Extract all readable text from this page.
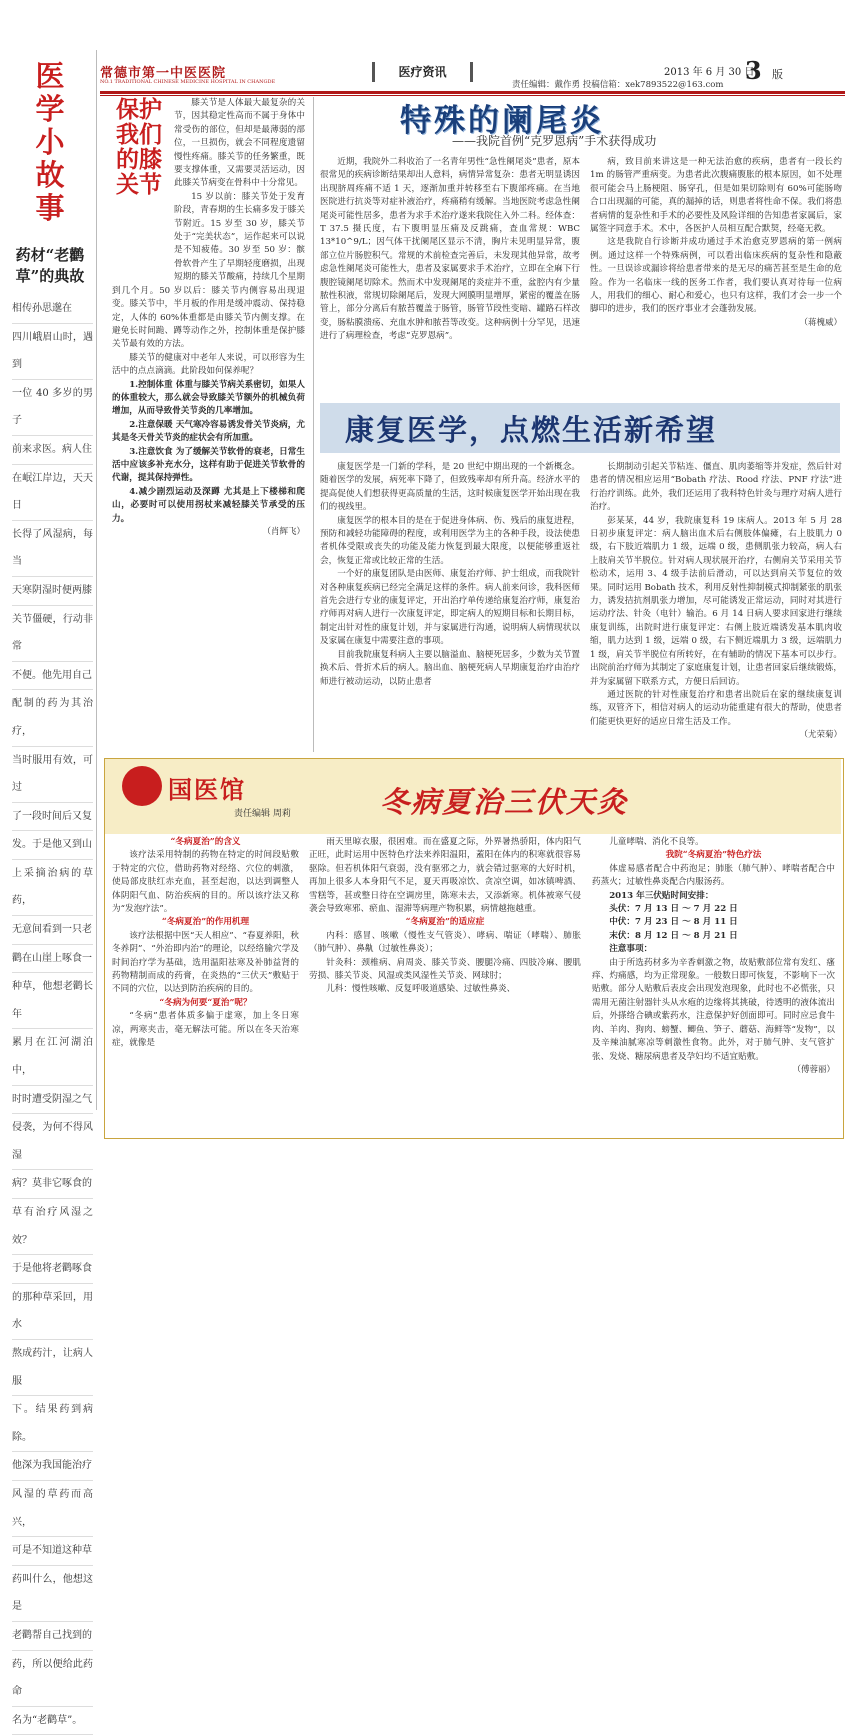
医学小故事
药材“老鹳草”的典故
相传孙思邈在
四川峨眉山时，遇到
一位 40 多岁的男子
前来求医。病人住
在岷江岸边，天天日
长得了风湿病，每当
天寒阴湿时便两膝
关节僵硬，行动非常
不便。他先用自己
配制的药为其治疗，
当时服用有效，可过
了一段时间后又复
发。于是他又到山
上采摘治病的草药，
无意间看到一只老
鹳在山崖上啄食一
种草，他想老鹳长年
累月在江河湖泊中，
时时遭受阴湿之气
侵袭，为何不得风湿
病？莫非它啄食的
草有治疗风湿之效？
于是他将老鹳啄食
的那种草采回，用水
熬成药汁，让病人服
下。结果药到病除。
他深为我国能治疗
风湿的草药而高兴，
可是不知道这种草
药叫什么，他想这是
老鹳帮自己找到的
药，所以便给此药命
名为“老鹳草”。
常德市第一中医医院
NO.1 TRADITIONAL CHINESE MEDICINE HOSPITAL IN CHANGDE
医疗资讯	2013 年 6 月 30 日
3 版
责任编辑：戴作勇 投稿信箱：xek7893522@163.com

膝关节是人体最大最复杂的关节，因其稳定性高而不属于身体中常受伤的部位，但却是最薄弱的部位，一旦损伤，就会不同程度遗留慢性疼痛。膝关节的任务繁重，既要支撑体重，又需要灵活运动，因此膝关节病变在骨科中十分常见。

15 岁以前：膝关节处于发育阶段，青春期的生长痛多发于膝关节附近。15 岁至 30 岁，膝关节处于“完美状态”，运作起来可以说是不知疲倦。30 岁至 50 岁：髌骨软骨产生了早期轻度磨损，出现短期的膝关节酸痛，持续几个星期到几个月。50 岁以后：膝关节内侧容易出现退变。膝关节中，半月板的作用是缓冲震动、保持稳定，人体的 60%体重都是由膝关节内侧支撑。在避免长时间跪、蹲等动作之外，控制体重是保护膝关节最有效的方法。

膝关节的健康对中老年人来说，可以形容为生活中的点点滴滴。此阶段如何保养呢？

1.控制体重 体重与膝关节病关系密切，如果人的体重较大，那么就会导致膝关节额外的机械负荷增加，从而导致骨关节炎的几率增加。

2.注意保暖 天气寒冷容易诱发骨关节炎病，尤其是冬天骨关节炎的症状会有所加重。

3.注意饮食 为了缓解关节软骨的衰老，日常生活中应该多补充水分，这样有助于促进关节软骨的代谢，提其保持弹性。

4.减少剧烈运动及深蹲 尤其是上下楼梯和爬山，必要时可以使用拐杖来减轻膝关节承受的压力。

（肖辉飞）
保护我们的膝关节
特殊的阑尾炎
——我院首例“克罗恩病”手术获得成功

近期，我院外二科收治了一名青年男性“急性阑尾炎”患者，原本很常见的疾病诊断结果却出人意料，病情异常复杂：患者无明显诱因出现脐周疼痛不适 1 天，逐渐加重并转移至右下腹部疼痛。在当地医院进行抗炎等对症补液治疗，疼痛稍有缓解。当地医院考虑急性阑尾炎可能性居多，患者为求手术治疗遂来我院住入外二科。经体查：T 37.5 摄氏度，右下腹明显压痛及反跳痛，查血常规：WBC 13*10^9/L；因气体干扰阑尾区显示不清，胸片未见明显异常，腹部立位片肠腔积气。常规的术前检查完善后，未发现其他异常，故考虑急性阑尾炎可能性大，患者及家属要求手术治疗，立即在全麻下行腹腔镜阑尾切除术。然而术中发现阑尾的炎症并不重，盆腔内有少量脓性积液，常规切除阑尾后，发现大网膜明显增厚，紧密的覆盖在肠管上，部分分离后有脓苔覆盖于肠管，肠管节段性变暗、罐路石样改变，肠粘膜溃疡、充血水肿和脓苔等改变。这种病例十分罕见，迅速进行了病理检查，考虑“克罗恩病”。

病，致目前来讲这是一种无法治愈的疾病，患者有一段长约 1m 的肠管严重病变。为患者此次腹痛腹胀的根本原因，如不处理很可能会马上肠梗阻、肠穿孔，但是如果切除则有 60%可能肠吻合口出现漏的可能，真的漏掉的话，则患者将性命不保。我们将患者病情的复杂性和手术的必要性及风险详细的告知患者家属后，家属签字同意手术。术中，各医护人员相互配合默契，经毫无救。

这是我院自行诊断并成功通过手术治愈克罗恩病的第一例病例。通过这样一个特殊病例，可以看出临床疾病的复杂性和隐蔽性。一旦误诊或漏诊将给患者带来的是无尽的痛苦甚至是生命的危险。作为一名临床一线的医务工作者，我们要认真对待每一位病人，用我们的细心、耐心和爱心，也只有这样，我们才会一步一个脚印的进步，我们的医疗事业才会蓬勃发展。

（蒋槐威）
康复医学，点燃生活新希望

康复医学是一门新的学科，是 20 世纪中期出现的一个新概念。随着医学的发展，病死率下降了，但致残率却有所升高。经济水平的提高促使人们想获得更高质量的生活，这时候康复医学开始出现在我们的视线里。

康复医学的根本目的是在于促进身体病、伤、残后的康复进程，预防和减轻功能障碍的程度，或利用医学为主的各种手段，设法使患者机体受限或丧失的功能及能力恢复到最大限度，以便能够重返社会，恢复正常或比较正常的生活。

一个好的康复团队是由医师、康复治疗师、护士组成，而我院针对各种康复疾病已经完全满足这样的条件。病人前来问诊，我科医师首先会进行专业的康复评定，开出治疗单传递给康复治疗师，康复治疗师再对病人进行一次康复评定，即定病人的短期目标和长期目标，制定出针对性的康复计划，并与家属进行沟通，说明病人病情现状以及家属在康复中需要注意的事项。

目前我院康复科病人主要以脑溢血、脑梗死居多，少数为关节置换术后、骨折术后的病人。脑出血、脑梗死病人早期康复治疗由治疗师进行被动运动，以防止患者

长期制动引起关节粘连、僵直、肌肉萎缩等并发症，然后针对患者的情况相应运用“Bobath 疗法、Rood 疗法、PNF 疗法”进行治疗训练。此外，我们还运用了我科特色针灸与理疗对病人进行治疗。

彭某某，44 岁，我院康复科 19 床病人。2013 年 5 月 28 日初步康复评定：病人脑出血术后右侧肢体偏瘫，右上肢肌力 0 级，右下肢近端肌力 1 级，远端 0 级，患侧肌张力较高，病人右上肢肩关节半脱位。针对病人现状展开治疗，右侧肩关节采用关节松动术，运用 3、4 级手法前后滑动，可以达到肩关节复位的效果。同时运用 Bobath 技术，利用反射性抑制模式抑制紧张的肌张力，诱发拮抗剂肌张力增加，尽可能诱发正常运动，同时对其进行运动疗法、针灸（电针）输治。6 月 14 日病人要求回家进行继续康复训练，出院时进行康复评定：右侧上肢近端诱发基本肌肉收缩，肌力达到 1 级，远端 0 级，右下侧近端肌力 3 级，远端肌力 1 级，肩关节半脱位有所转好，在有辅助的情况下基本可以步行。出院前治疗师为其制定了家庭康复计划，让患者回家后继续锻炼，并为家属留下联系方式，方便日后回访。

通过医院的针对性康复治疗和患者出院后在家的继续康复训练，双管齐下，相信对病人的运动功能重建有很大的帮助，使患者们能更快更好的适应日常生活及工作。

（尤荣菊）
国医馆
责任编辑 周莉	冬病夏治三伏天灸

“冬病夏治”的含义

该疗法采用特制的药物在特定的时间段贴敷于特定的穴位，借助药物对经络、穴位的刺激，使局部皮肤红赤充血，甚至起泡，以达到调整人体阴阳气血、防治疾病的目的。所以该疗法又称为“发泡疗法”。

“冬病夏治”的作用机理

该疗法根据中医“天人相应”、“春夏养阳，秋冬养阴”、“外治即内治”的理论，以经络腧穴学及时间治疗学为基础，选用温阳祛寒及补肺益肾的药物精制而成的药膏，在炎热的“三伏天”敷贴于不同的穴位，以达到防治疾病的目的。

“冬病为何要“夏治”呢？

“冬病”患者体质多偏于虚寒，加上冬日寒凉，两寒夹击，毫无解法可能。所以在冬天治寒症，就像是

雨天里晾衣服，很困难。而在盛夏之际，外界暑热骄阳，体内阳气正旺，此时运用中医特色疗法来养阳温阳，蓋阳在体内的积寒就很容易驱除。但若机体阳气衰弱，没有驱邪之力，就会错过驱寒的大好时机，再加上很多人本身阳气不足，夏天再吸凉饮、贪凉空调，如冰镇啤酒、雪糕等，甚或整日待在空调房里，陈寒未去，又添新寒。机体被寒气侵袭会导致寒邪、瘀血、湿滞等病理产物积累，病情越拖越重。

“冬病夏治”的适应症

内科：感冒、咳嗽（慢性支气管炎）、哮病、喘证（哮喘）、肺胀（肺气肿）、鼻鼽（过敏性鼻炎）；

针灸科：颈椎病、肩周炎、膝关节炎、腰腿冷痛、四肢冷麻、腰肌劳损、膝关节炎、风湿或类风湿性关节炎、网球肘；

儿科：慢性咳嗽、反复呼吸道感染、过敏性鼻炎、

儿童哮喘、消化不良等。

我院“冬病夏治”特色疗法

体虚易感者配合中药泡足；肺胀（肺气肿）、哮喘者配合中药蒸火；过敏性鼻炎配合内服汤药。

2013 年三伏贴时间安排：

头伏：7 月 13 日 ～ 7 月 22 日

中伏：7 月 23 日 ～ 8 月 11 日

末伏：8 月 12 日 ～ 8 月 21 日

注意事项：

由于所选药材多为辛香刺激之物，故贴敷部位常有发红、瘙痒、灼痛感，均为正常现象。一般数日即可恢复，不影响下一次贴敷。部分人贴敷后表皮会出现发泡现象，此时也不必慌张，只需用无菌注射器针头从水疱的边缘将其挑破，待透明的液体流出后，外搽络合碘或紫药水，注意保护好创面即可。同时应忌食牛肉、羊肉、狗肉、螃蟹、鲫鱼、笋子、蘑菇、海鲜等“发物”，以及辛辣油腻寒凉等刺激性食物。此外，对于肺气肿、支气管扩张、发烧、糖尿病患者及孕妇均不适宜贴敷。

（傅蓉丽）
